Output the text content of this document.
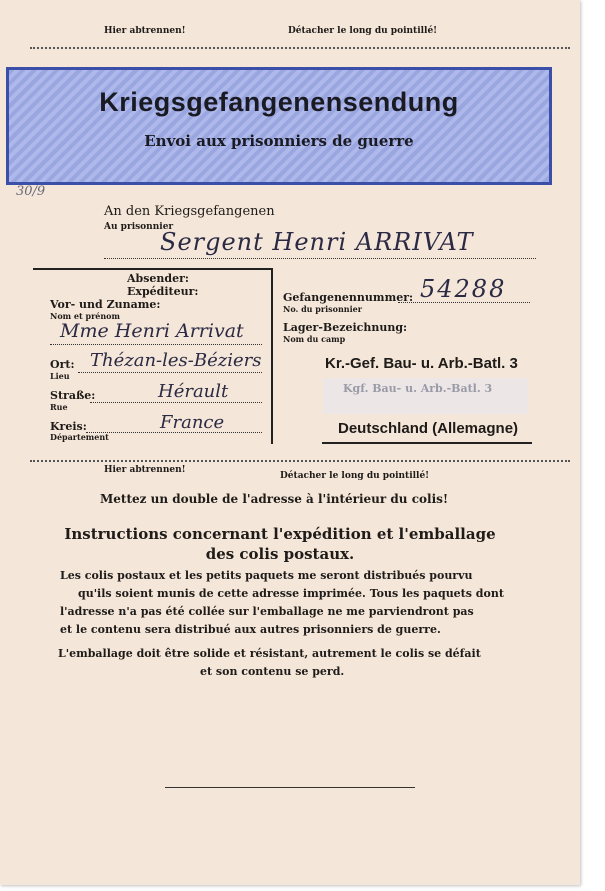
Hier abtrennen!	Détacher le long du pointillé!
Kriegsgefangenensendung
Envoi aux prisonniers de guerre
30/9
An den Kriegsgefangenen
Au prisonnier
Sergent Henri ARRIVAT
Absender:
Expéditeur:
Vor- und Zuname:
Nom et prénom
Mme Henri Arrivat
Ort:
Lieu
Thézan-les-Béziers
Straße:
Rue
Hérault
Kreis:
Département
France
Gefangenennummer:
No. du prisonnier
54288
Lager-Bezeichnung:
Nom du camp
Kr.-Gef. Bau- u. Arb.-Batl. 3
Kgf. Bau- u. Arb.-Batl. 3
Deutschland (Allemagne)
Hier abtrennen!
Détacher le long du pointillé!
Mettez un double de l'adresse à l'intérieur du colis!
Instructions concernant l'expédition et l'emballage
des colis postaux.
Les colis postaux et les petits paquets me seront distribués pourvu
qu'ils soient munis de cette adresse imprimée. Tous les paquets dont
l'adresse n'a pas été collée sur l'emballage ne me parviendront pas
et le contenu sera distribué aux autres prisonniers de guerre.
L'emballage doit être solide et résistant, autrement le colis se défait
et son contenu se perd.
